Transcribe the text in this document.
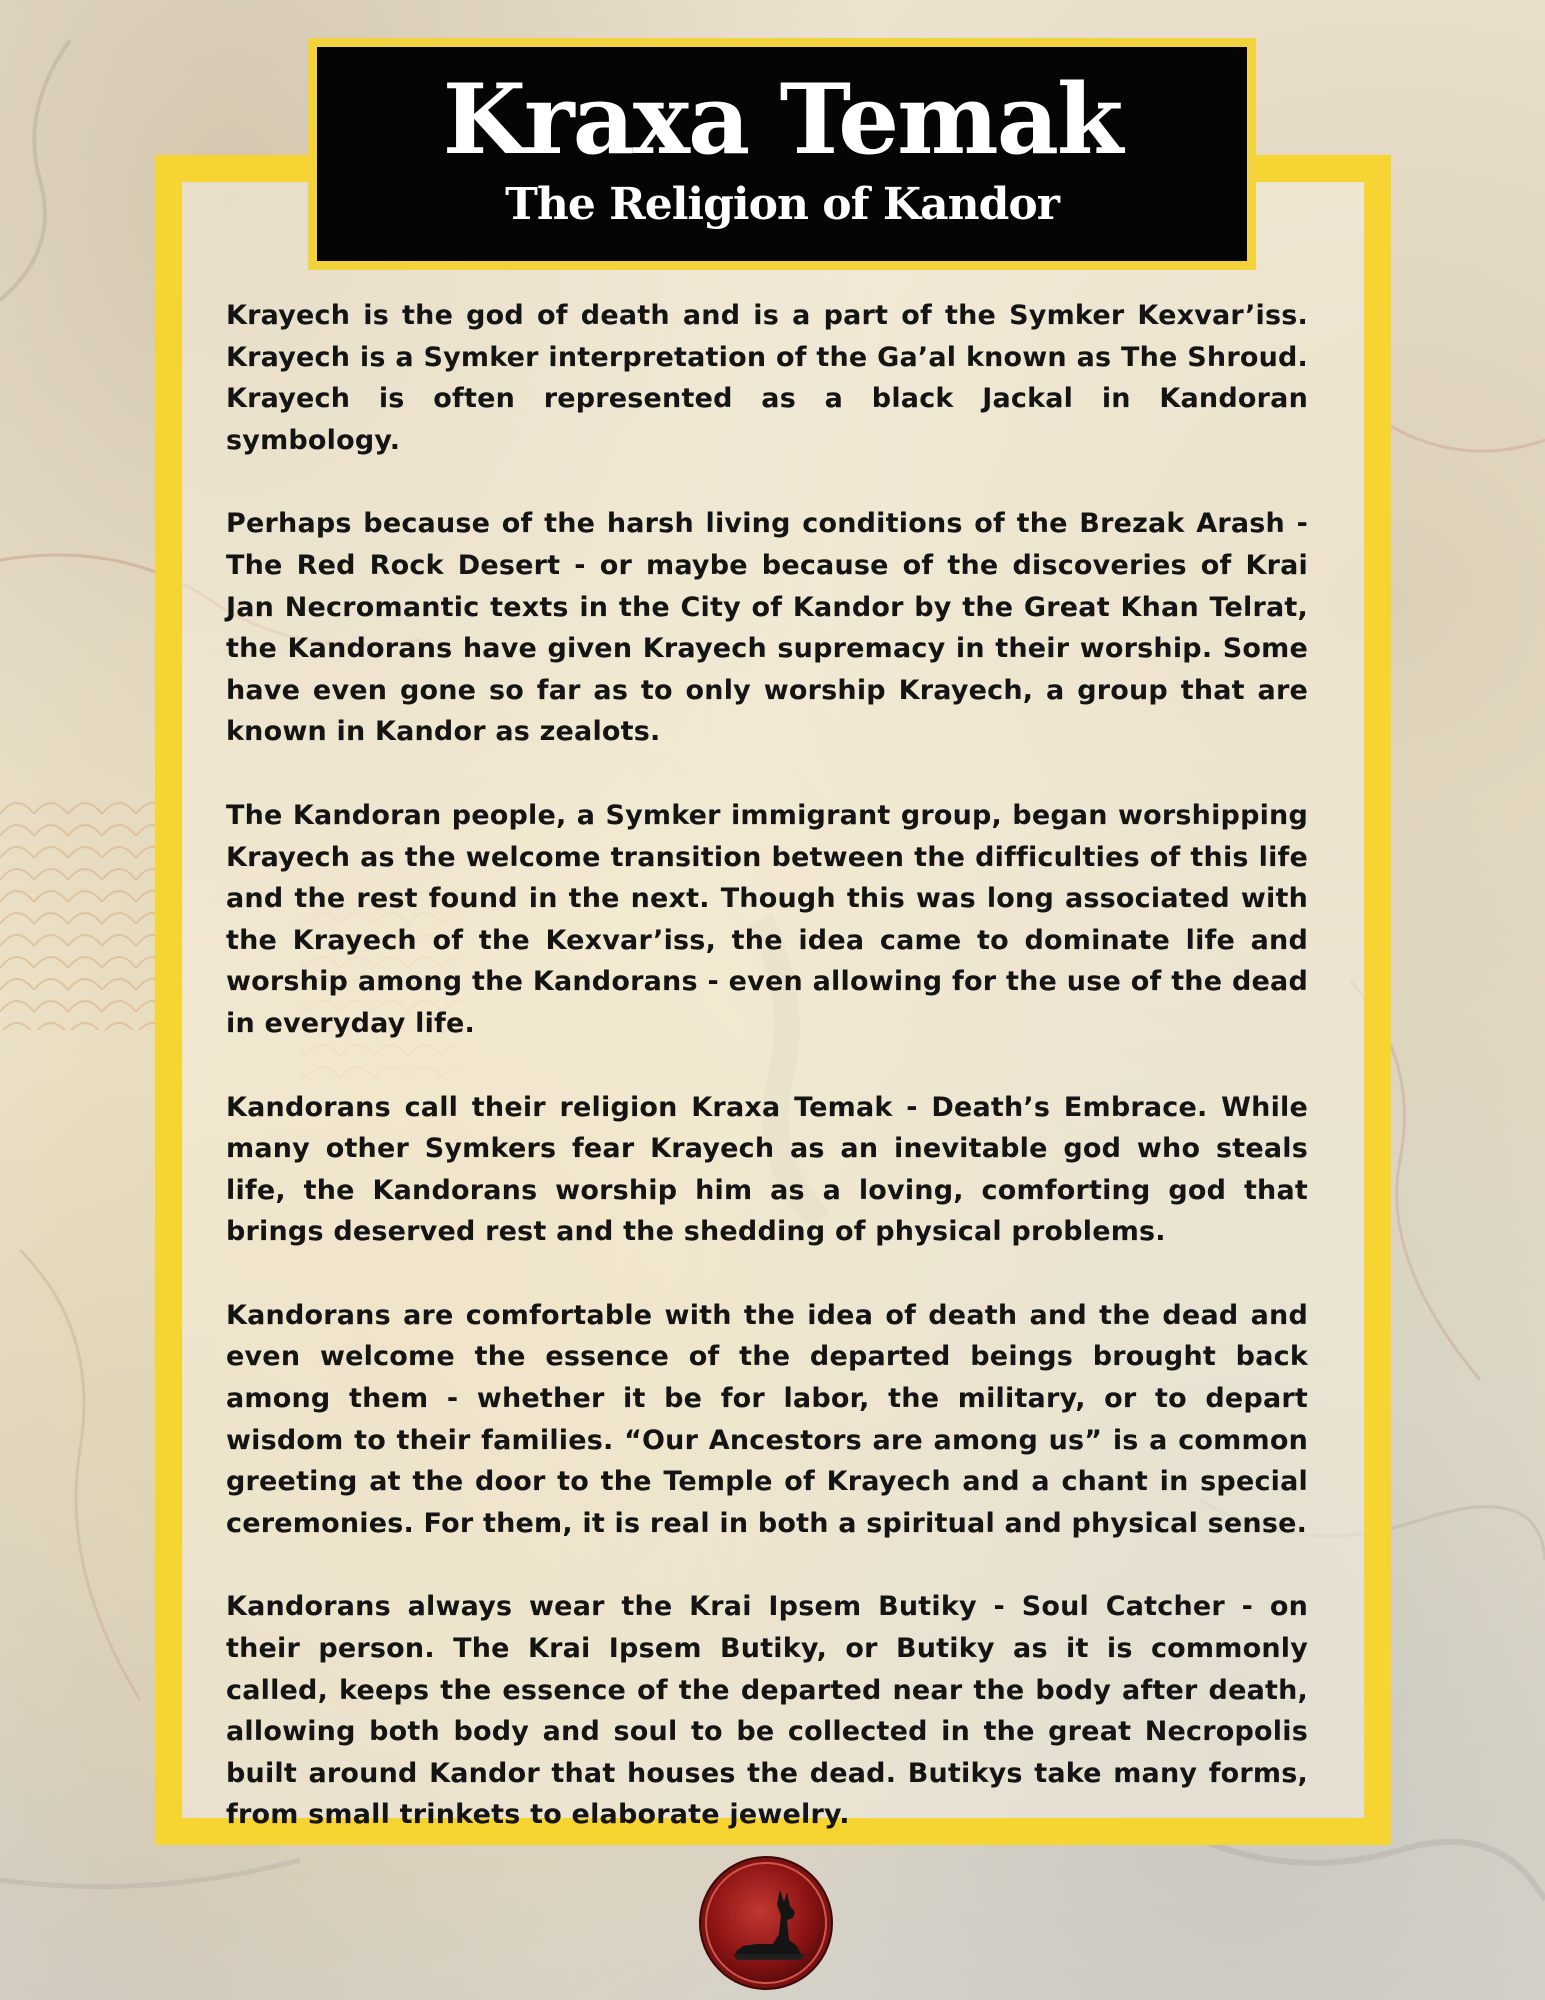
Kraxa Temak
The Religion of Kandor

Krayech is the god of death and is a part of the Symker Kexvar’iss. Krayech is a Symker interpretation of the Ga’al known as The Shroud. Krayech is often represented as a black Jackal in Kandoran symbology.

Perhaps because of the harsh living conditions of the Brezak Arash - The Red Rock Desert - or maybe because of the discoveries of Krai Jan Necromantic texts in the City of Kandor by the Great Khan Telrat, the Kandorans have given Krayech supremacy in their worship. Some have even gone so far as to only worship Krayech, a group that are known in Kandor as zealots.

The Kandoran people, a Symker immigrant group, began worshipping Krayech as the welcome transition between the difficulties of this life and the rest found in the next. Though this was long associated with the Krayech of the Kexvar’iss, the idea came to dominate life and worship among the Kandorans - even allowing for the use of the dead in everyday life.

Kandorans call their religion Kraxa Temak - Death’s Embrace. While many other Symkers fear Krayech as an inevitable god who steals life, the Kandorans worship him as a loving, comforting god that brings deserved rest and the shedding of physical problems.

Kandorans are comfortable with the idea of death and the dead and even welcome the essence of the departed beings brought back among them - whether it be for labor, the military, or to depart wisdom to their families. “Our Ancestors are among us” is a common greeting at the door to the Temple of Krayech and a chant in special ceremonies. For them, it is real in both a spiritual and physical sense.

Kandorans always wear the Krai Ipsem Butiky - Soul Catcher - on their person. The Krai Ipsem Butiky, or Butiky as it is commonly called, keeps the essence of the departed near the body after death, allowing both body and soul to be collected in the great Necropolis built around Kandor that houses the dead. Butikys take many forms, from small trinkets to elaborate jewelry.
